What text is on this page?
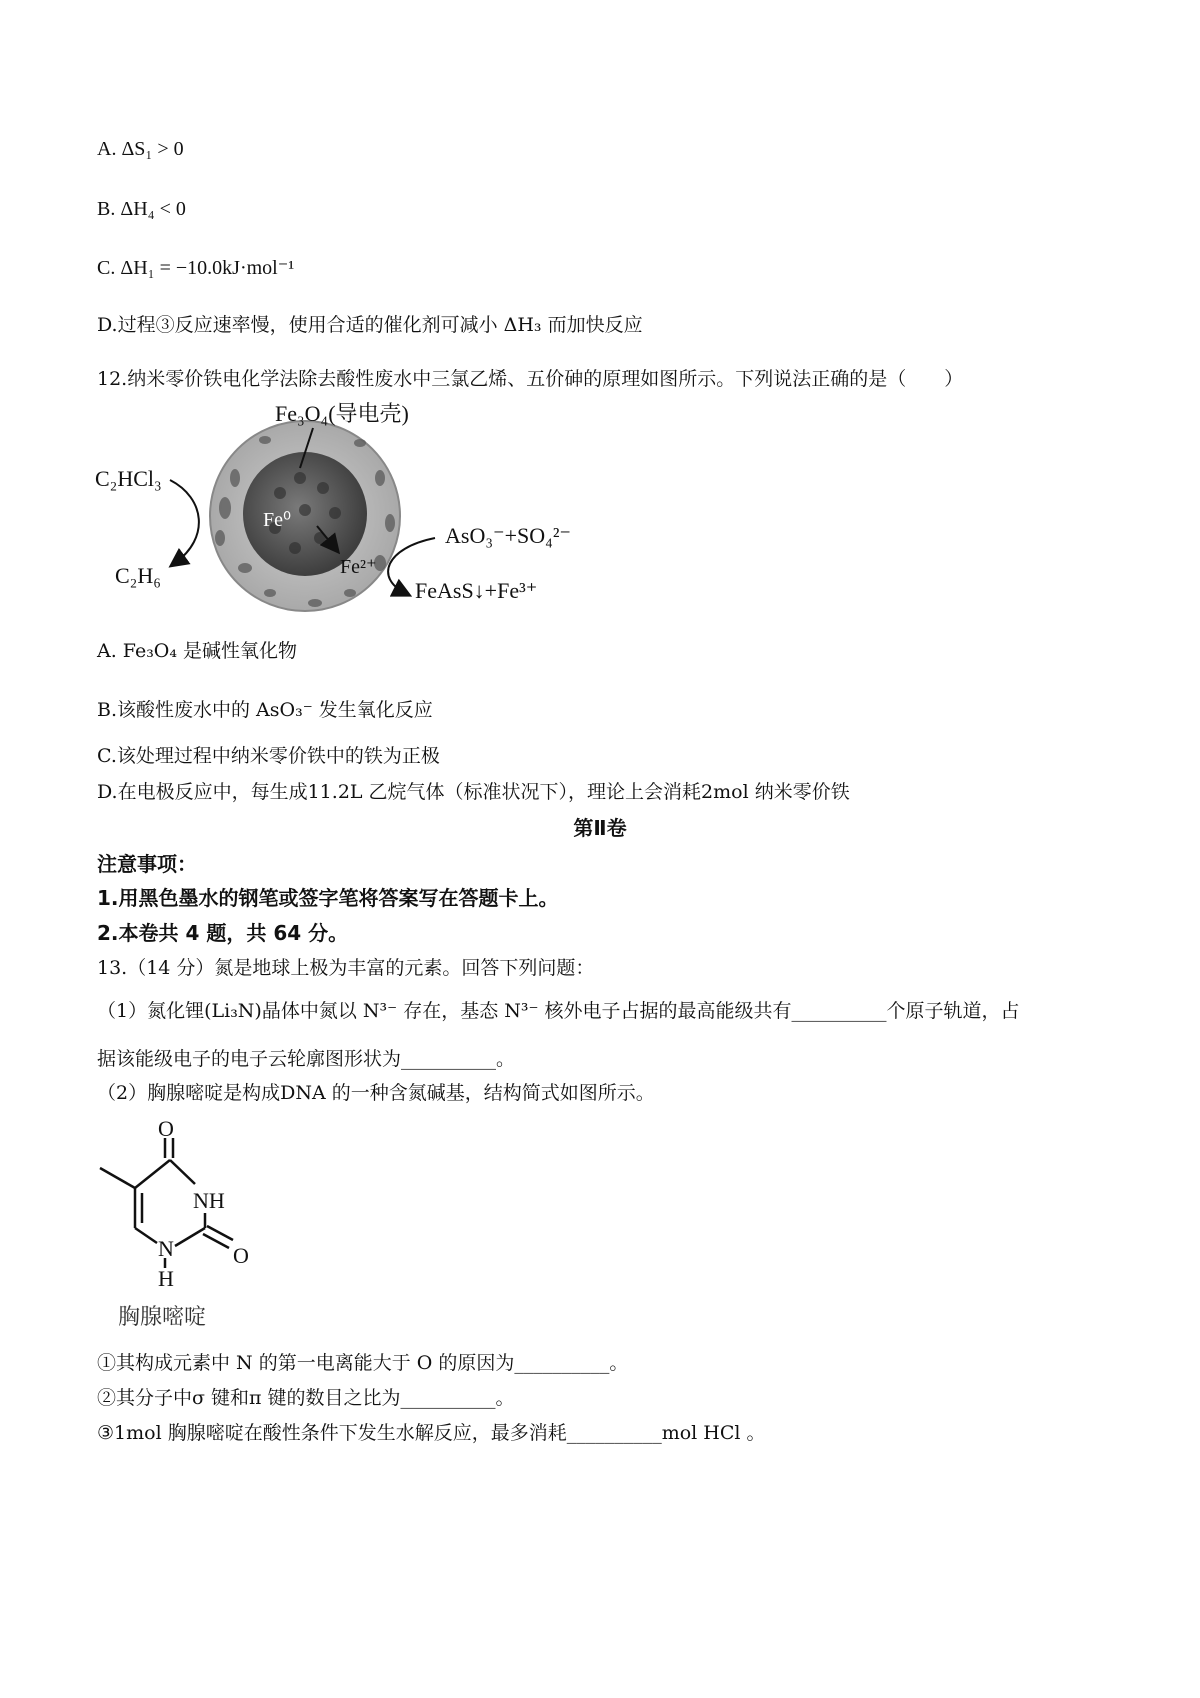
A. ΔS₁ > 0
B. ΔH₄ < 0
C. ΔH₁ = −10.0kJ·mol⁻¹
D.过程③反应速率慢，使用合适的催化剂可减小 ΔH₃ 而加快反应
12.纳米零价铁电化学法除去酸性废水中三氯乙烯、五价砷的原理如图所示。下列说法正确的是（　　）
Fe₃O₄(导电壳)
Fe⁰
C₂HCl₃
C₂H₆	Fe²⁺
AsO₃⁻+SO₄²⁻
FeAsS↓+Fe³⁺
A. Fe₃O₄ 是碱性氧化物
B.该酸性废水中的 AsO₃⁻ 发生氧化反应
C.该处理过程中纳米零价铁中的铁为正极
D.在电极反应中，每生成11.2L 乙烷气体（标准状况下），理论上会消耗2mol 纳米零价铁
第Ⅱ卷
注意事项：
1.用黑色墨水的钢笔或签字笔将答案写在答题卡上。
2.本卷共 4 题，共 64 分。
13.（14 分）氮是地球上极为丰富的元素。回答下列问题：
（1）氮化锂(Li₃N)晶体中氮以 N³⁻ 存在，基态 N³⁻ 核外电子占据的最高能级共有__________个原子轨道，占
据该能级电子的电子云轮廓图形状为__________。
（2）胸腺嘧啶是构成DNA 的一种含氮碱基，结构简式如图所示。
O
NH
N
H
O
胸腺嘧啶
①其构成元素中 N 的第一电离能大于 O 的原因为__________。
②其分子中σ 键和π 键的数目之比为__________。
③1mol 胸腺嘧啶在酸性条件下发生水解反应，最多消耗__________mol HCl 。
